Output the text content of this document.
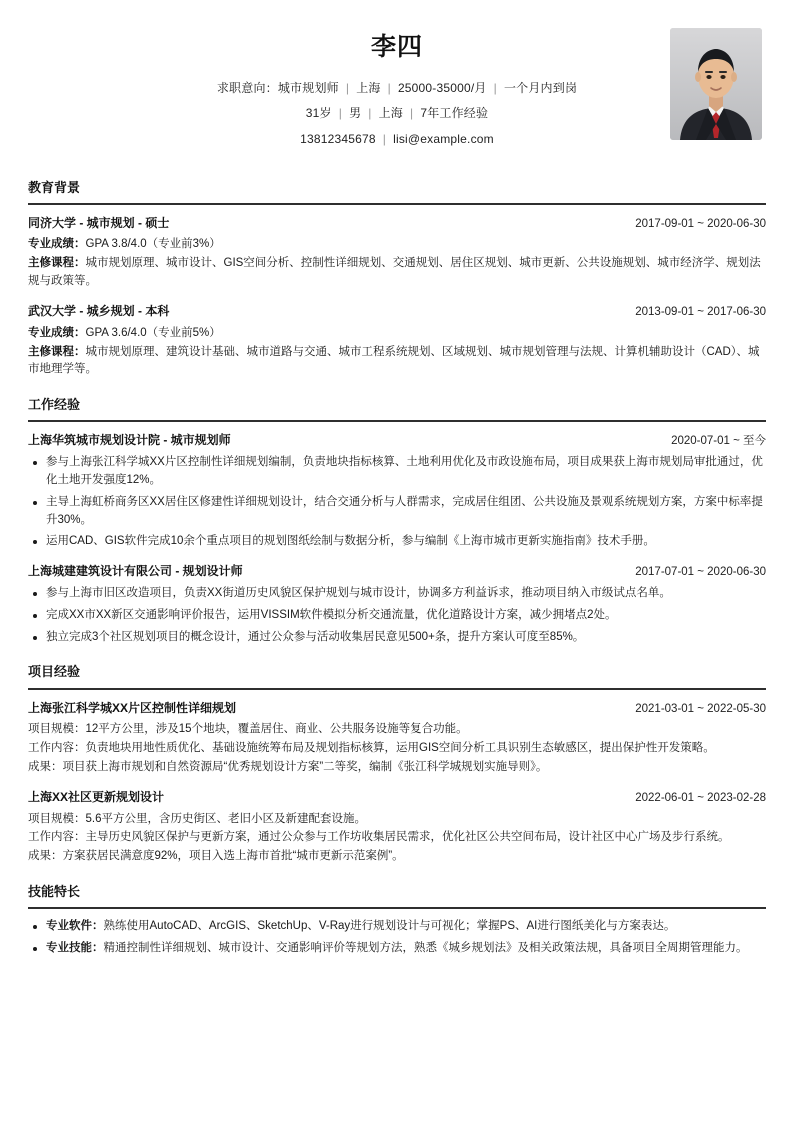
李四
求职意向：城市规划师 | 上海 | 25000-35000/月 | 一个月内到岗
31岁 | 男 | 上海 | 7年工作经验
13812345678 | lisi@example.com
教育背景
同济大学 - 城市规划 - 硕士	2017-09-01 ~ 2020-06-30
专业成绩：GPA 3.8/4.0（专业前3%）
主修课程：城市规划原理、城市设计、GIS空间分析、控制性详细规划、交通规划、居住区规划、城市更新、公共设施规划、城市经济学、规划法规与政策等。
武汉大学 - 城乡规划 - 本科	2013-09-01 ~ 2017-06-30
专业成绩：GPA 3.6/4.0（专业前5%）
主修课程：城市规划原理、建筑设计基础、城市道路与交通、城市工程系统规划、区域规划、城市规划管理与法规、计算机辅助设计（CAD）、城市地理学等。
工作经验
上海华筑城市规划设计院 - 城市规划师	2020-07-01 ~ 至今
参与上海张江科学城XX片区控制性详细规划编制，负责地块指标核算、土地利用优化及市政设施布局，项目成果获上海市规划局审批通过，优化土地开发强度12%。
主导上海虹桥商务区XX居住区修建性详细规划设计，结合交通分析与人群需求，完成居住组团、公共设施及景观系统规划方案，方案中标率提升30%。
运用CAD、GIS软件完成10余个重点项目的规划图纸绘制与数据分析，参与编制《上海市城市更新实施指南》技术手册。
上海城建建筑设计有限公司 - 规划设计师	2017-07-01 ~ 2020-06-30
参与上海市旧区改造项目，负责XX街道历史风貌区保护规划与城市设计，协调多方利益诉求，推动项目纳入市级试点名单。
完成XX市XX新区交通影响评价报告，运用VISSIM软件模拟分析交通流量，优化道路设计方案，减少拥堵点2处。
独立完成3个社区规划项目的概念设计，通过公众参与活动收集居民意见500+条，提升方案认可度至85%。
项目经验
上海张江科学城XX片区控制性详细规划	2021-03-01 ~ 2022-05-30
项目规模：12平方公里，涉及15个地块，覆盖居住、商业、公共服务设施等复合功能。
工作内容：负责地块用地性质优化、基础设施统筹布局及规划指标核算，运用GIS空间分析工具识别生态敏感区，提出保护性开发策略。
成果：项目获上海市规划和自然资源局“优秀规划设计方案”二等奖，编制《张江科学城规划实施导则》。
上海XX社区更新规划设计	2022-06-01 ~ 2023-02-28
项目规模：5.6平方公里，含历史街区、老旧小区及新建配套设施。
工作内容：主导历史风貌区保护与更新方案，通过公众参与工作坊收集居民需求，优化社区公共空间布局，设计社区中心广场及步行系统。
成果：方案获居民满意度92%，项目入选上海市首批“城市更新示范案例”。
技能特长
专业软件：熟练使用AutoCAD、ArcGIS、SketchUp、V-Ray进行规划设计与可视化；掌握PS、AI进行图纸美化与方案表达。
专业技能：精通控制性详细规划、城市设计、交通影响评价等规划方法，熟悉《城乡规划法》及相关政策法规，具备项目全周期管理能力。
